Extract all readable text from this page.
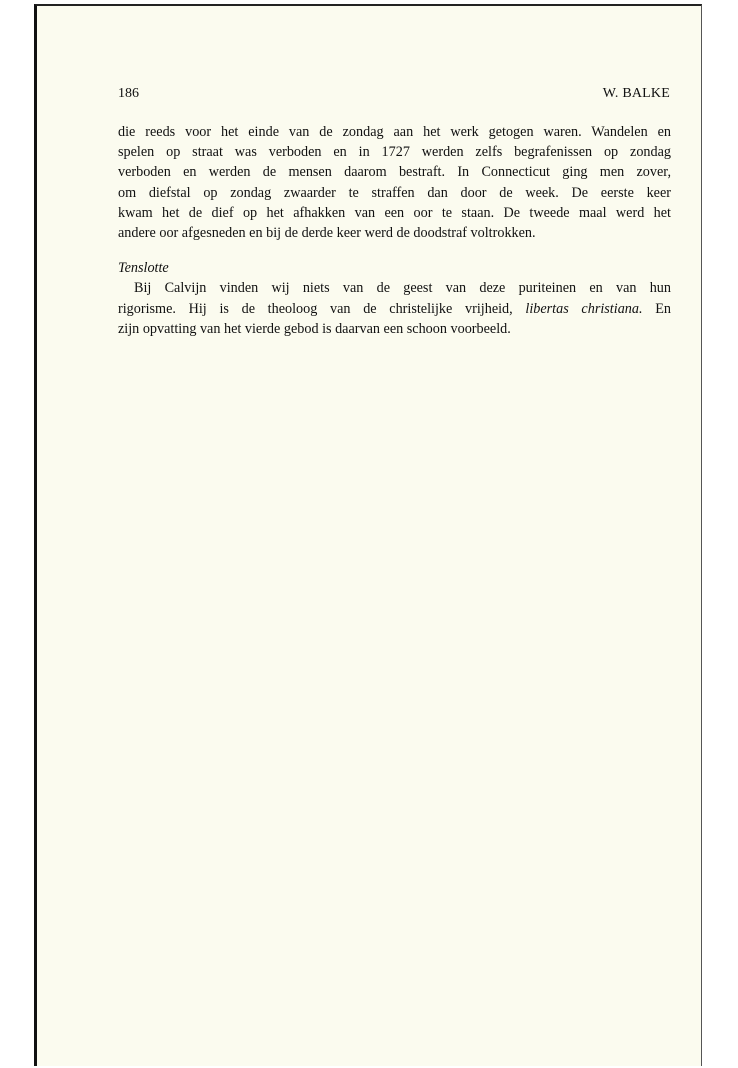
186	W. BALKE
die reeds voor het einde van de zondag aan het werk getogen waren. Wandelen en
spelen op straat was verboden en in 1727 werden zelfs begrafenissen op zondag
verboden en werden de mensen daarom bestraft. In Connecticut ging men zover,
om diefstal op zondag zwaarder te straffen dan door de week. De eerste keer
kwam het de dief op het afhakken van een oor te staan. De tweede maal werd het
andere oor afgesneden en bij de derde keer werd de doodstraf voltrokken.
Tenslotte
Bij Calvijn vinden wij niets van de geest van deze puriteinen en van hun
rigorisme. Hij is de theoloog van de christelijke vrijheid, libertas christiana. En
zijn opvatting van het vierde gebod is daarvan een schoon voorbeeld.
